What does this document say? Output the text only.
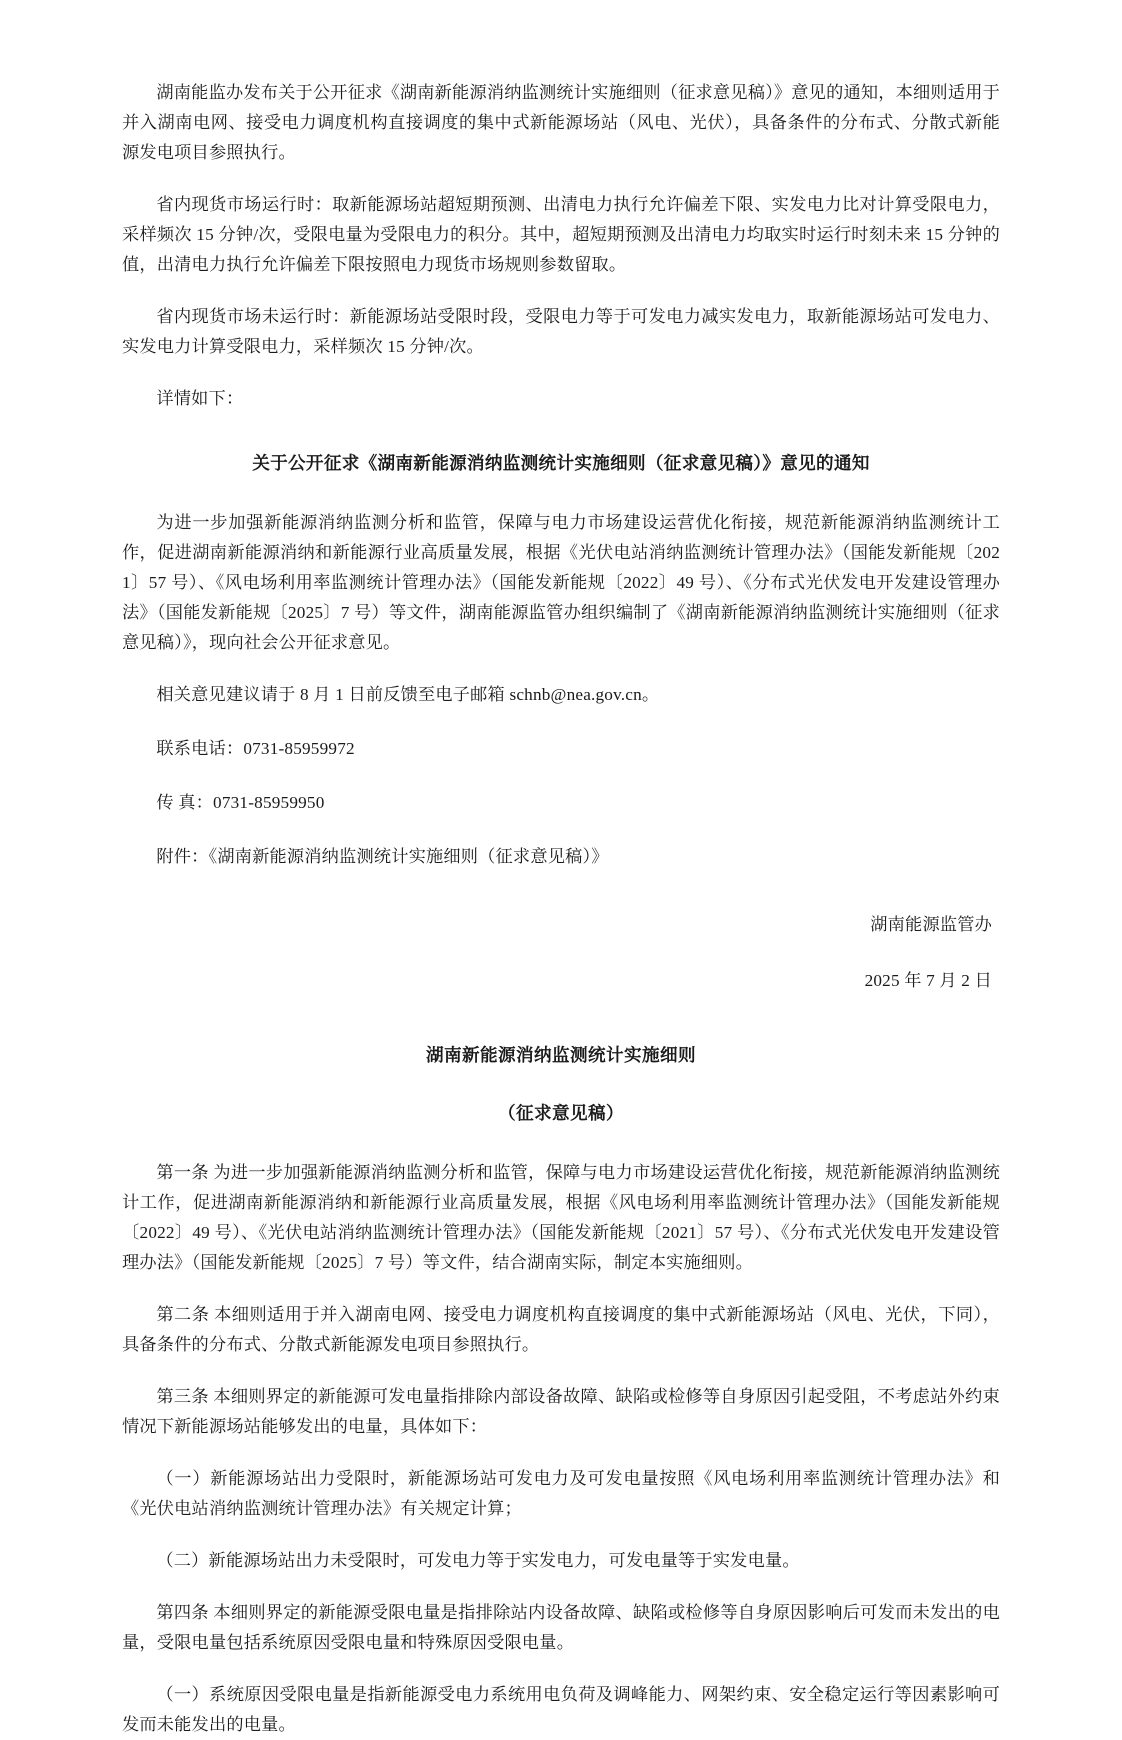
湖南能监办发布关于公开征求《湖南新能源消纳监测统计实施细则（征求意见稿）》意见的通知，本细则适用于并入湖南电网、接受电力调度机构直接调度的集中式新能源场站（风电、光伏），具备条件的分布式、分散式新能源发电项目参照执行。

省内现货市场运行时：取新能源场站超短期预测、出清电力执行允许偏差下限、实发电力比对计算受限电力，采样频次 15 分钟/次，受限电量为受限电力的积分。其中，超短期预测及出清电力均取实时运行时刻未来 15 分钟的值，出清电力执行允许偏差下限按照电力现货市场规则参数留取。

省内现货市场未运行时：新能源场站受限时段，受限电力等于可发电力减实发电力，取新能源场站可发电力、实发电力计算受限电力，采样频次 15 分钟/次。

详情如下：

关于公开征求《湖南新能源消纳监测统计实施细则（征求意见稿）》意见的通知

为进一步加强新能源消纳监测分析和监管，保障与电力市场建设运营优化衔接，规范新能源消纳监测统计工作，促进湖南新能源消纳和新能源行业高质量发展，根据《光伏电站消纳监测统计管理办法》（国能发新能规〔2021〕57 号）、《风电场利用率监测统计管理办法》（国能发新能规〔2022〕49 号）、《分布式光伏发电开发建设管理办法》（国能发新能规〔2025〕7 号）等文件，湖南能源监管办组织编制了《湖南新能源消纳监测统计实施细则（征求意见稿）》，现向社会公开征求意见。

相关意见建议请于 8 月 1 日前反馈至电子邮箱 schnb@nea.gov.cn。

联系电话：0731-85959972

传 真：0731-85959950

附件：《湖南新能源消纳监测统计实施细则（征求意见稿）》

湖南能源监管办

2025 年 7 月 2 日

湖南新能源消纳监测统计实施细则
（征求意见稿）

第一条 为进一步加强新能源消纳监测分析和监管，保障与电力市场建设运营优化衔接，规范新能源消纳监测统计工作，促进湖南新能源消纳和新能源行业高质量发展，根据《风电场利用率监测统计管理办法》（国能发新能规〔2022〕49 号）、《光伏电站消纳监测统计管理办法》（国能发新能规〔2021〕57 号）、《分布式光伏发电开发建设管理办法》（国能发新能规〔2025〕7 号）等文件，结合湖南实际，制定本实施细则。

第二条 本细则适用于并入湖南电网、接受电力调度机构直接调度的集中式新能源场站（风电、光伏，下同），具备条件的分布式、分散式新能源发电项目参照执行。

第三条 本细则界定的新能源可发电量指排除内部设备故障、缺陷或检修等自身原因引起受阻，不考虑站外约束情况下新能源场站能够发出的电量，具体如下：

（一）新能源场站出力受限时，新能源场站可发电力及可发电量按照《风电场利用率监测统计管理办法》和《光伏电站消纳监测统计管理办法》有关规定计算；

（二）新能源场站出力未受限时，可发电力等于实发电力，可发电量等于实发电量。

第四条 本细则界定的新能源受限电量是指排除站内设备故障、缺陷或检修等自身原因影响后可发而未发出的电量，受限电量包括系统原因受限电量和特殊原因受限电量。

（一）系统原因受限电量是指新能源受电力系统用电负荷及调峰能力、网架约束、安全稳定运行等因素影响可发而未能发出的电量。
